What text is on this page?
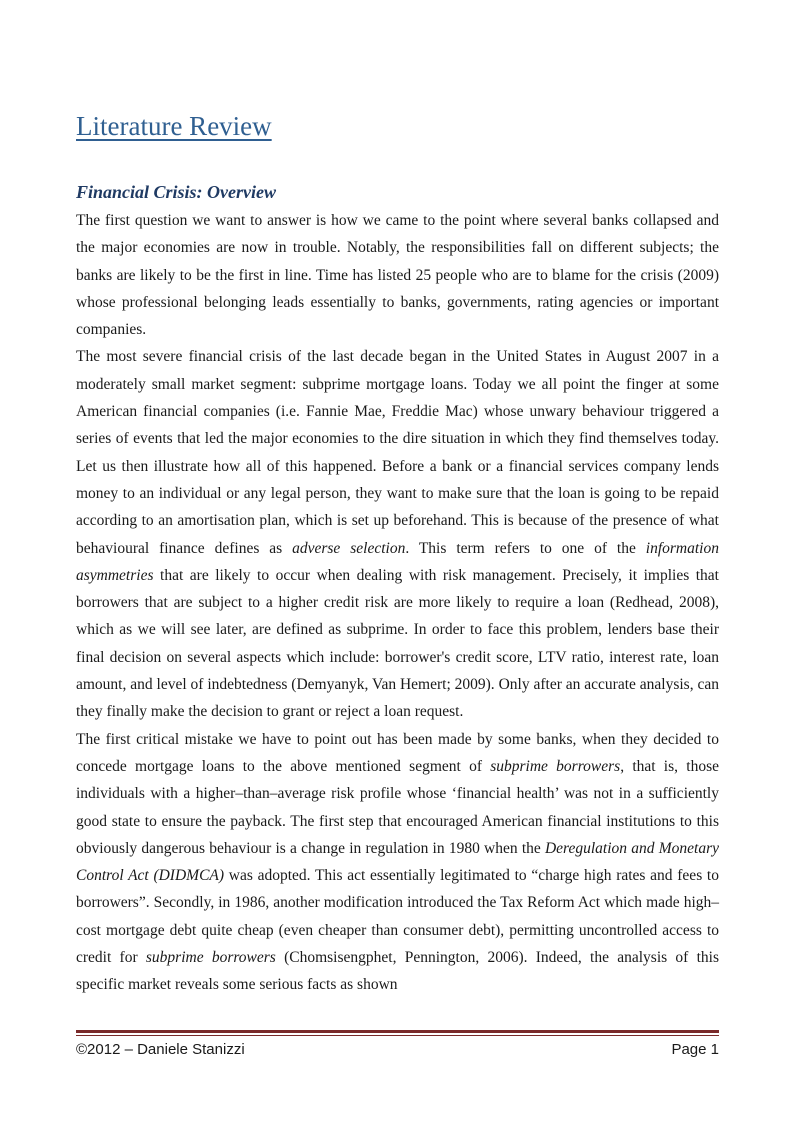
Literature Review
Financial Crisis: Overview

The first question we want to answer is how we came to the point where several banks collapsed and the major economies are now in trouble. Notably, the responsibilities fall on different subjects; the banks are likely to be the first in line. Time has listed 25 people who are to blame for the crisis (2009) whose professional belonging leads essentially to banks, governments, rating agencies or important companies.

The most severe financial crisis of the last decade began in the United States in August 2007 in a moderately small market segment: subprime mortgage loans. Today we all point the finger at some American financial companies (i.e. Fannie Mae, Freddie Mac) whose unwary behaviour triggered a series of events that led the major economies to the dire situation in which they find themselves today. Let us then illustrate how all of this happened. Before a bank or a financial services company lends money to an individual or any legal person, they want to make sure that the loan is going to be repaid according to an amortisation plan, which is set up beforehand. This is because of the presence of what behavioural finance defines as adverse selection. This term refers to one of the information asymmetries that are likely to occur when dealing with risk management. Precisely, it implies that borrowers that are subject to a higher credit risk are more likely to require a loan (Redhead, 2008), which as we will see later, are defined as subprime. In order to face this problem, lenders base their final decision on several aspects which include: borrower's credit score, LTV ratio, interest rate, loan amount, and level of indebtedness (Demyanyk, Van Hemert; 2009). Only after an accurate analysis, can they finally make the decision to grant or reject a loan request.

The first critical mistake we have to point out has been made by some banks, when they decided to concede mortgage loans to the above mentioned segment of subprime borrowers, that is, those individuals with a higher–than–average risk profile whose ‘financial health’ was not in a sufficiently good state to ensure the payback. The first step that encouraged American financial institutions to this obviously dangerous behaviour is a change in regulation in 1980 when the Deregulation and Monetary Control Act (DIDMCA) was adopted. This act essentially legitimated to “charge high rates and fees to borrowers”. Secondly, in 1986, another modification introduced the Tax Reform Act which made high–cost mortgage debt quite cheap (even cheaper than consumer debt), permitting uncontrolled access to credit for subprime borrowers (Chomsisengphet, Pennington, 2006). Indeed, the analysis of this specific market reveals some serious facts as shown

©2012 – Daniele Stanizzi	Page 1
